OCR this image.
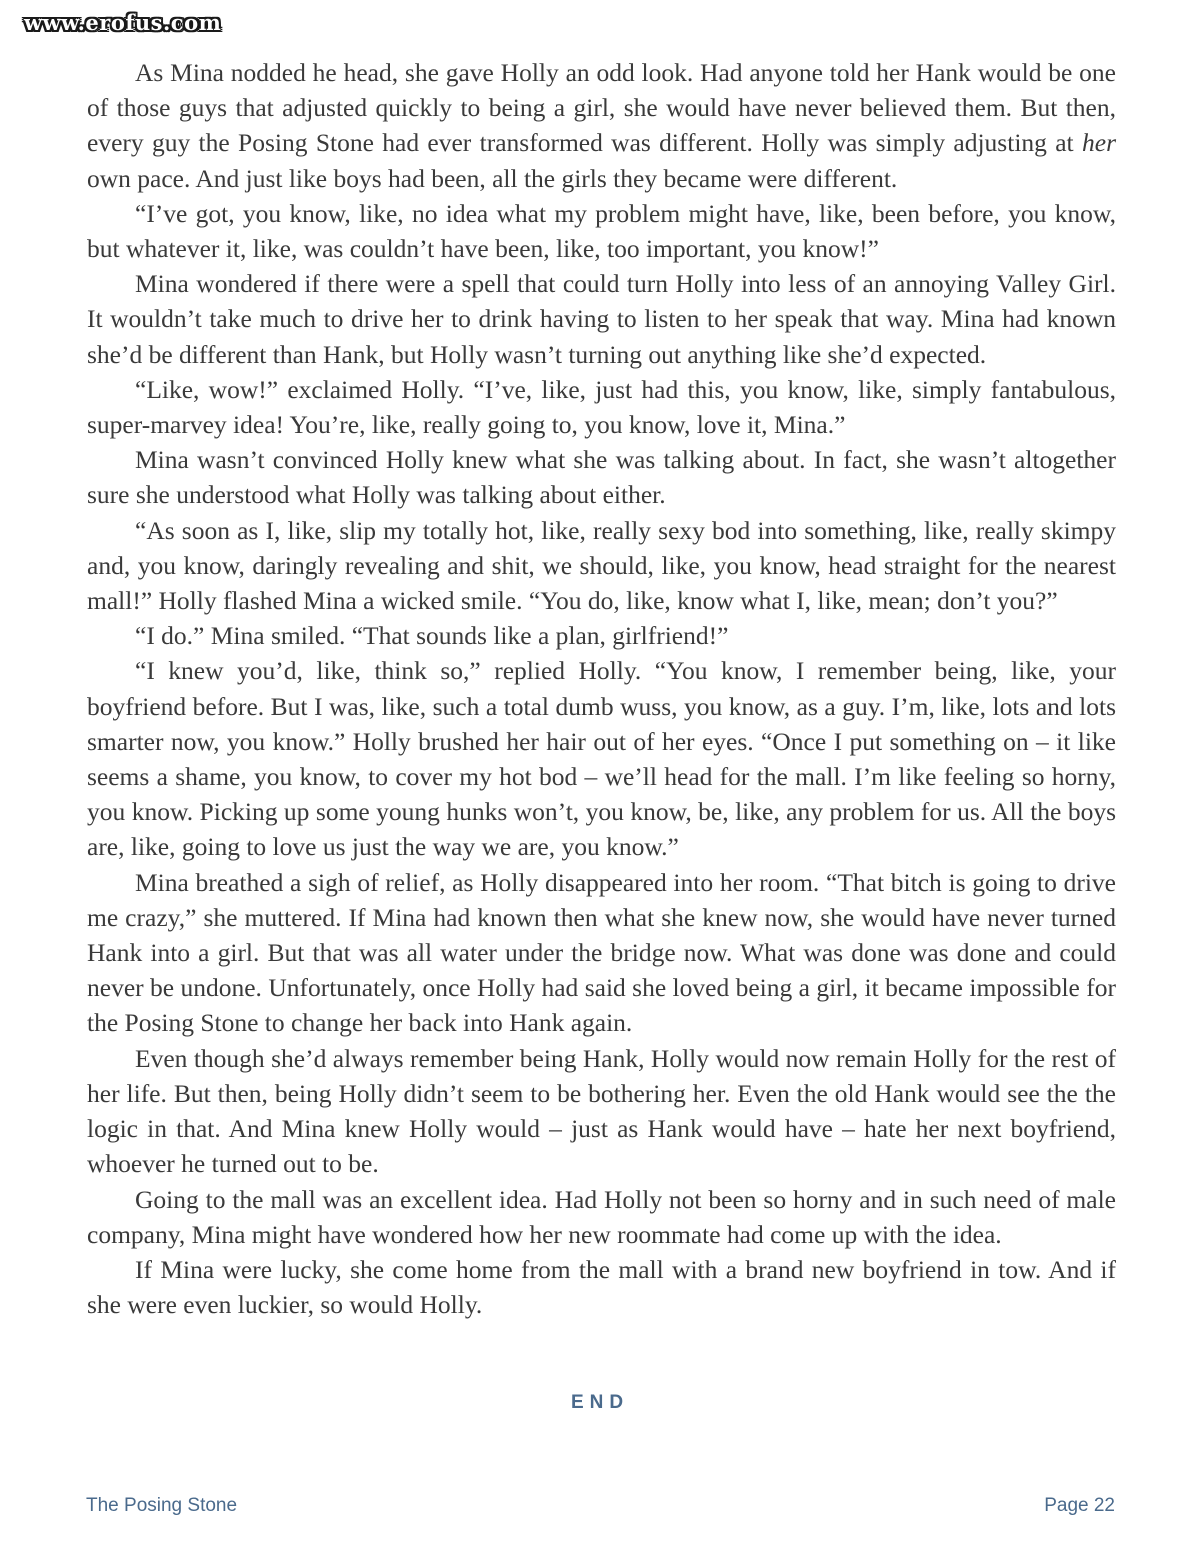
www.erofus.com

As Mina nodded he head, she gave Holly an odd look. Had anyone told her Hank would be one of those guys that adjusted quickly to being a girl, she would have never believed them. But then, every guy the Posing Stone had ever transformed was different. Holly was simply adjusting at her own pace. And just like boys had been, all the girls they became were different.

“I’ve got, you know, like, no idea what my problem might have, like, been before, you know, but whatever it, like, was couldn’t have been, like, too important, you know!”

Mina wondered if there were a spell that could turn Holly into less of an annoying Valley Girl. It wouldn’t take much to drive her to drink having to listen to her speak that way. Mina had known she’d be different than Hank, but Holly wasn’t turning out anything like she’d expected.

“Like, wow!” exclaimed Holly. “I’ve, like, just had this, you know, like, simply fantabulous, super-marvey idea! You’re, like, really going to, you know, love it, Mina.”

Mina wasn’t convinced Holly knew what she was talking about. In fact, she wasn’t altogether sure she understood what Holly was talking about either.

“As soon as I, like, slip my totally hot, like, really sexy bod into something, like, really skimpy and, you know, daringly revealing and shit, we should, like, you know, head straight for the nearest mall!” Holly flashed Mina a wicked smile. “You do, like, know what I, like, mean; don’t you?”

“I do.” Mina smiled. “That sounds like a plan, girlfriend!”

“I knew you’d, like, think so,” replied Holly. “You know, I remember being, like, your boyfriend before. But I was, like, such a total dumb wuss, you know, as a guy. I’m, like, lots and lots smarter now, you know.” Holly brushed her hair out of her eyes. “Once I put something on – it like seems a shame, you know, to cover my hot bod – we’ll head for the mall. I’m like feeling so horny, you know. Picking up some young hunks won’t, you know, be, like, any problem for us. All the boys are, like, going to love us just the way we are, you know.”

Mina breathed a sigh of relief, as Holly disappeared into her room. “That bitch is going to drive me crazy,” she muttered. If Mina had known then what she knew now, she would have never turned Hank into a girl. But that was all water under the bridge now. What was done was done and could never be undone. Unfortunately, once Holly had said she loved being a girl, it became impossible for the Posing Stone to change her back into Hank again.

Even though she’d always remember being Hank, Holly would now remain Holly for the rest of her life. But then, being Holly didn’t seem to be bothering her. Even the old Hank would see the the logic in that. And Mina knew Holly would – just as Hank would have – hate her next boyfriend, whoever he turned out to be.

Going to the mall was an excellent idea. Had Holly not been so horny and in such need of male company, Mina might have wondered how her new roommate had come up with the idea.

If Mina were lucky, she come home from the mall with a brand new boyfriend in tow. And if she were even luckier, so would Holly.

END
The Posing Stone	Page 22
